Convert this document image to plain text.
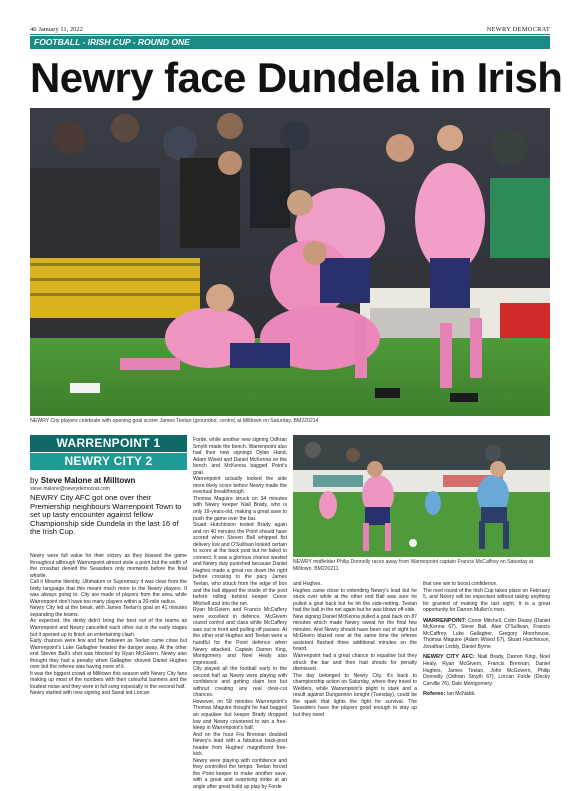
46 January 11, 2022	NEWRY DEMOCRAT
FOOTBALL - IRISH CUP - ROUND ONE
Newry face Dundela in Irish
NEWRY City players celebrate with opening goal scorer James Teelan (grounded, centre) at Milltown on Saturday. BM220214
WARRENPOINT 1
NEWRY CITY 2
by Steve Malone at Milltown
steve.malone@newrydemocrat.com
NEWRY City AFC got one over their Premiership neighbours Warrenpoint Town to set up tasty encounter against fellow Championship side Dundela in the last 16 of the Irish Cup.

Newry were full value for their victory as they bossed the game throughout although Warrenpoint almost stole a point but the width of the crossbar denied the Seasiders only moments before the final whistle.

Call it Moume Identity, Ultimatum or Supremacy it was clear from the body language that this meant much more to the Newry players. It was always going to. City are made of players from the area, while Warrenpoint don't have too many players within a 20-mile radius.

Newry City led at the break, with James Teelan's goal on 41 minutes separating the teams.

As expected, the derby didn't bring the best out of the teams as Warrenpoint and Newry cancelled each other out in the early stages but it opened up to finish an entertaining clash.

Early chances were few and far between as Teelan came close but Warrenpoint's Luke Gallagher headed the danger away. At the other end Steven Ball's shot was blocked by Ryan McGivern. Newry also thought they had a penalty when Gallagher shoved Daniel Hughes over but the referee was having none of it.

It was the biggest crowd at Milltown this season with Newry City fans making up most of the numbers with their colourful banners and the loudest noise and they were in full song especially in the second half.

Newry started with new signing and Saval led Lorcan

Forde, while another new signing Odhran Smyth made the bench. Warrenpoint also had their new signings Dylan Hand, Adam Wixed and Daniel McKenna on the bench and McKenna bagged Point's goal.

Warrenpoint actually looked the side more likely score before Newry made the eventual breakthrough.

Thomas Maguire struck on 34 minutes with Newry keeper Niall Brady, who is only 19-years-old, making a great save to push the game over the bar.

Stuart Hutchinson tested Brady again and on 40 minutes the Point should have scored when Steven Ball whipped fist delivery low and O'Sullivan looked certain to score at the back post but he failed to connect. It was a glorious chance wasted and Newry duly punished because Daniel Hughes made a great run down the right before crossing to the pacy James Teelan, who struck from the edge of box and the ball dipped the inside of the post before rolling behind keeper Conor Mitchell and into the net.

Ryan McGivern and Francis McCaffery were excellent in defence. McGivern oozed control and class while McCaffery was out in front and pulling off passes. At the other end Hughes and Teelan were a handful for the Point defence when Newry attacked. Captain Darren King, Montgomery and Noel Healy also impressed.

City played all the football early in the second half as Newry were playing with confidence and getting claim box but without creating any real clear-cut chances.

However, on 58 minutes Warrenpoint's Thomas Maguire thought he had bagged an equaliser but keeper Brady dropped low and Newry countered to win a free-kleep in Warrenpoint's half.

And on the hour Fra Brennan doubled Newry's lead with a fabulous back-post header from Hughes' magnificent free-kick.

Newry were playing with confidence and they controlled the tempo. Teelan forced the Point keeper to make another save, with a great and surprising strike at an angle after great build up play by Forde

NEWRY midfielder Philip Donnelly races away from Warrenpoint captain Francis McCaffrey on Saturday at Milltown. BM220211

and Hughes.

Hughes came close to extending Newry's lead but he stuck over while at the other end Ball was sure he pulled a goal back but he hit the side-netting. Teelan had the ball in the net again but he was blown off-side.

New signing Daniel McKenna pulled a goal back on 87 minutes which made Newry sweat for the final few minutes. And Newry should have been out of sight but McGivern blazed over at the same time the referee assistant flashed three additional minutes on the board.

Warrenpoint had a great chance to equalise but they struck the bar and then had shouts for penalty dismissed.

The day belonged to Newry City, it's back to championship action on Saturday, where they travel to Welders, while Warrenpoint's plight is stark and a result against Dungannon tonight (Tuesday), could be the spark that lights the fight for survival. The Seasiders have the players good enough to stay up but they need

that one win to boost confidence.

The next round of the Irish Cup takes place on February 5, and Newry will be expectant without taking anything for granted of making the last eight. It is a great opportunity for Darren Mullen's men.

WARRENPOINT: Conor Mitchell, Colm Deasy (Daniel McKenna 67), Steve Ball, Alan O'Sullivan, Francis McCaffrey, Luke Gallagher, Gregory Moorhouse, Thomas Maguire (Adam Wixed 67), Stuart Hutchinson, Jonathan Leddy, Daniel Byrne

NEWRY CITY AFC: Niall Brady, Darren King, Noel Healy, Ryan McGivern, Francis Brennan, Daniel Hughes, James Teelan, John McGovern, Philip Donnelly (Odhran Smyth 67), Lorcan Forde (Decky Carville 76), Dale Montgomery.

Referee: Ian McNabb.
